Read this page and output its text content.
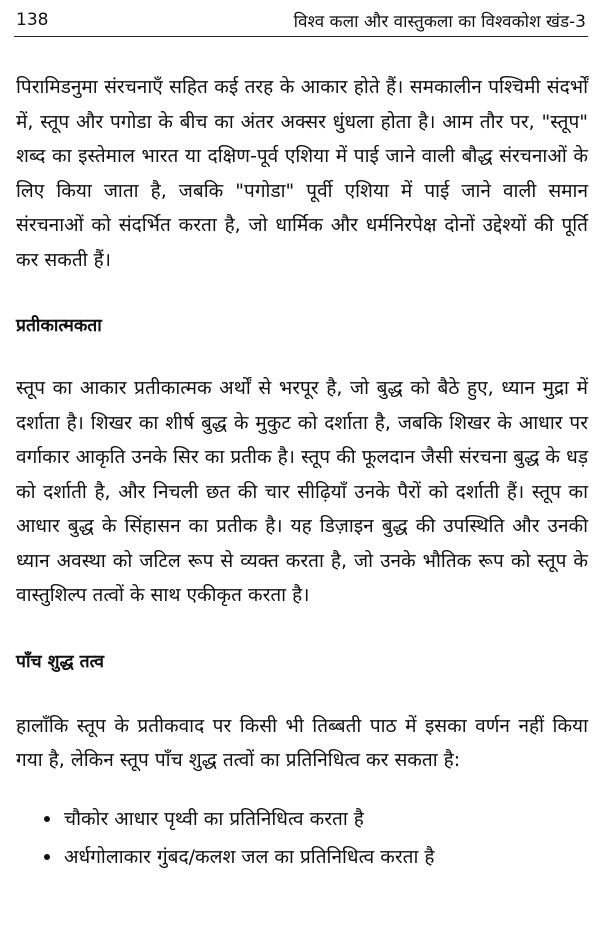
138	विश्व कला और वास्तुकला का विश्वकोश खंड-3

पिरामिडनुमा संरचनाएँ सहित कई तरह के आकार होते हैं। समकालीन पश्चिमी संदर्भों में, स्तूप और पगोडा के बीच का अंतर अक्सर धुंधला होता है। आम तौर पर, "स्तूप" शब्द का इस्तेमाल भारत या दक्षिण-पूर्व एशिया में पाई जाने वाली बौद्ध संरचनाओं के लिए किया जाता है, जबकि "पगोडा" पूर्वी एशिया में पाई जाने वाली समान संरचनाओं को संदर्भित करता है, जो धार्मिक और धर्मनिरपेक्ष दोनों उद्देश्यों की पूर्ति कर सकती हैं।

प्रतीकात्मकता

स्तूप का आकार प्रतीकात्मक अर्थों से भरपूर है, जो बुद्ध को बैठे हुए, ध्यान मुद्रा में दर्शाता है। शिखर का शीर्ष बुद्ध के मुकुट को दर्शाता है, जबकि शिखर के आधार पर वर्गाकार आकृति उनके सिर का प्रतीक है। स्तूप की फूलदान जैसी संरचना बुद्ध के धड़ को दर्शाती है, और निचली छत की चार सीढ़ियाँ उनके पैरों को दर्शाती हैं। स्तूप का आधार बुद्ध के सिंहासन का प्रतीक है। यह डिज़ाइन बुद्ध की उपस्थिति और उनकी ध्यान अवस्था को जटिल रूप से व्यक्त करता है, जो उनके भौतिक रूप को स्तूप के वास्तुशिल्प तत्वों के साथ एकीकृत करता है।

पाँच शुद्ध तत्व

हालाँकि स्तूप के प्रतीकवाद पर किसी भी तिब्बती पाठ में इसका वर्णन नहीं किया गया है, लेकिन स्तूप पाँच शुद्ध तत्वों का प्रतिनिधित्व कर सकता है:

चौकोर आधार पृथ्वी का प्रतिनिधित्व करता है
अर्धगोलाकार गुंबद/कलश जल का प्रतिनिधित्व करता है
